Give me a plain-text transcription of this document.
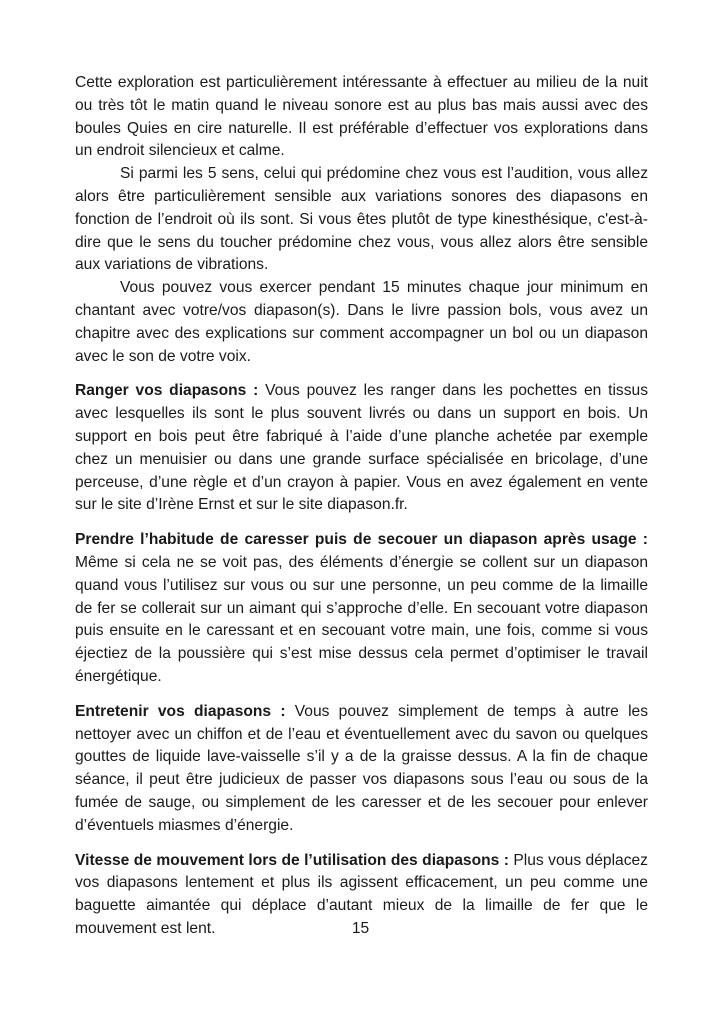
Cette exploration est particulièrement intéressante à effectuer au milieu de la nuit ou très tôt le matin quand le niveau sonore est au plus bas mais aussi avec des boules Quies en cire naturelle. Il est préférable d’effectuer vos explorations dans un endroit silencieux et calme.

Si parmi les 5 sens, celui qui prédomine chez vous est l’audition, vous allez alors être particulièrement sensible aux variations sonores des diapasons en fonction de l’endroit où ils sont. Si vous êtes plutôt de type kinesthésique, c'est-à-dire que le sens du toucher prédomine chez vous, vous allez alors être sensible aux variations de vibrations.

Vous pouvez vous exercer pendant 15 minutes chaque jour minimum en chantant avec votre/vos diapason(s). Dans le livre passion bols, vous avez un chapitre avec des explications sur comment accompagner un bol ou un diapason avec le son de votre voix.

Ranger vos diapasons : Vous pouvez les ranger dans les pochettes en tissus avec lesquelles ils sont le plus souvent livrés ou dans un support en bois. Un support en bois peut être fabriqué à l’aide d’une planche achetée par exemple chez un menuisier ou dans une grande surface spécialisée en bricolage, d’une perceuse, d’une règle et d’un crayon à papier. Vous en avez également en vente sur le site d’Irène Ernst et sur le site diapason.fr.

Prendre l’habitude de caresser puis de secouer un diapason après usage : Même si cela ne se voit pas, des éléments d’énergie se collent sur un diapason quand vous l’utilisez sur vous ou sur une personne, un peu comme de la limaille de fer se collerait sur un aimant qui s’approche d’elle. En secouant votre diapason puis ensuite en le caressant et en secouant votre main, une fois, comme si vous éjectiez de la poussière qui s’est mise dessus cela permet d’optimiser le travail énergétique.

Entretenir vos diapasons : Vous pouvez simplement de temps à autre les nettoyer avec un chiffon et de l’eau et éventuellement avec du savon ou quelques gouttes de liquide lave-vaisselle s’il y a de la graisse dessus. A la fin de chaque séance, il peut être judicieux de passer vos diapasons sous l’eau ou sous de la fumée de sauge, ou simplement de les caresser et de les secouer pour enlever d’éventuels miasmes d’énergie.

Vitesse de mouvement lors de l’utilisation des diapasons : Plus vous déplacez vos diapasons lentement et plus ils agissent efficacement, un peu comme une baguette aimantée qui déplace d’autant mieux de la limaille de fer que le mouvement est lent.	15
